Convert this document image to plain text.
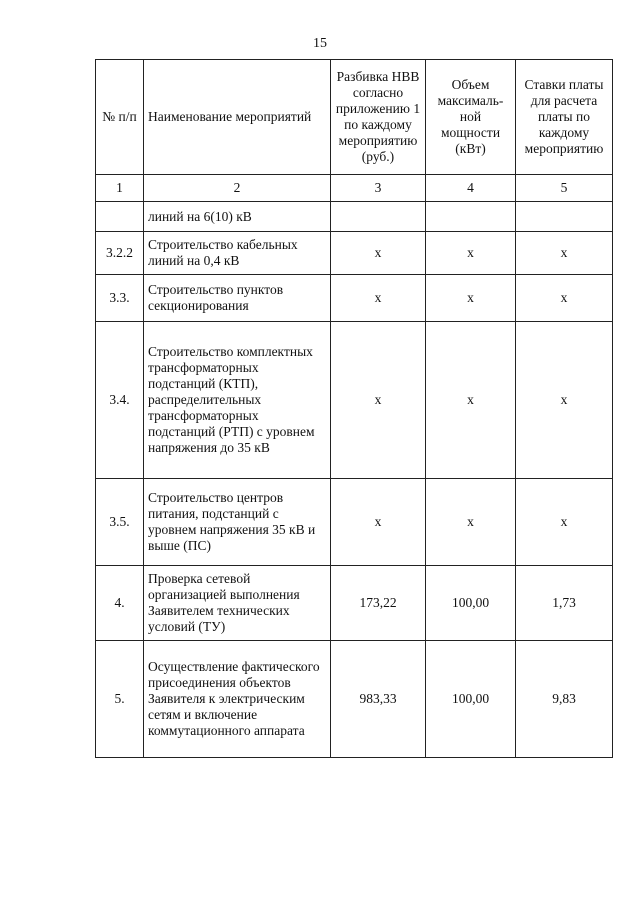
15
№ п/п	Наименование мероприятий	Разбивка НВВ согласно приложению 1 по каждому мероприятию (руб.)	Объем максималь-ной мощности (кВт)	Ставки платы для расчета платы по каждому мероприятию
1	2	3	4	5
	линий на 6(10) кВ			
3.2.2	Строительство кабельных линий на 0,4 кВ	x	x	x
3.3.	Строительство пунктов секционирования	x	x	x
3.4.	Строительство комплектных трансформаторных подстанций (КТП), распределительных трансформаторных подстанций (РТП) с уровнем напряжения до 35 кВ	x	x	x
3.5.	Строительство центров питания, подстанций с уровнем напряжения 35 кВ и выше (ПС)	x	x	x
4.	Проверка сетевой организацией выполнения Заявителем технических условий (ТУ)	173,22	100,00	1,73
5.	Осуществление фактического присоединения объектов Заявителя к электрическим сетям и включение коммутационного аппарата	983,33	100,00	9,83
